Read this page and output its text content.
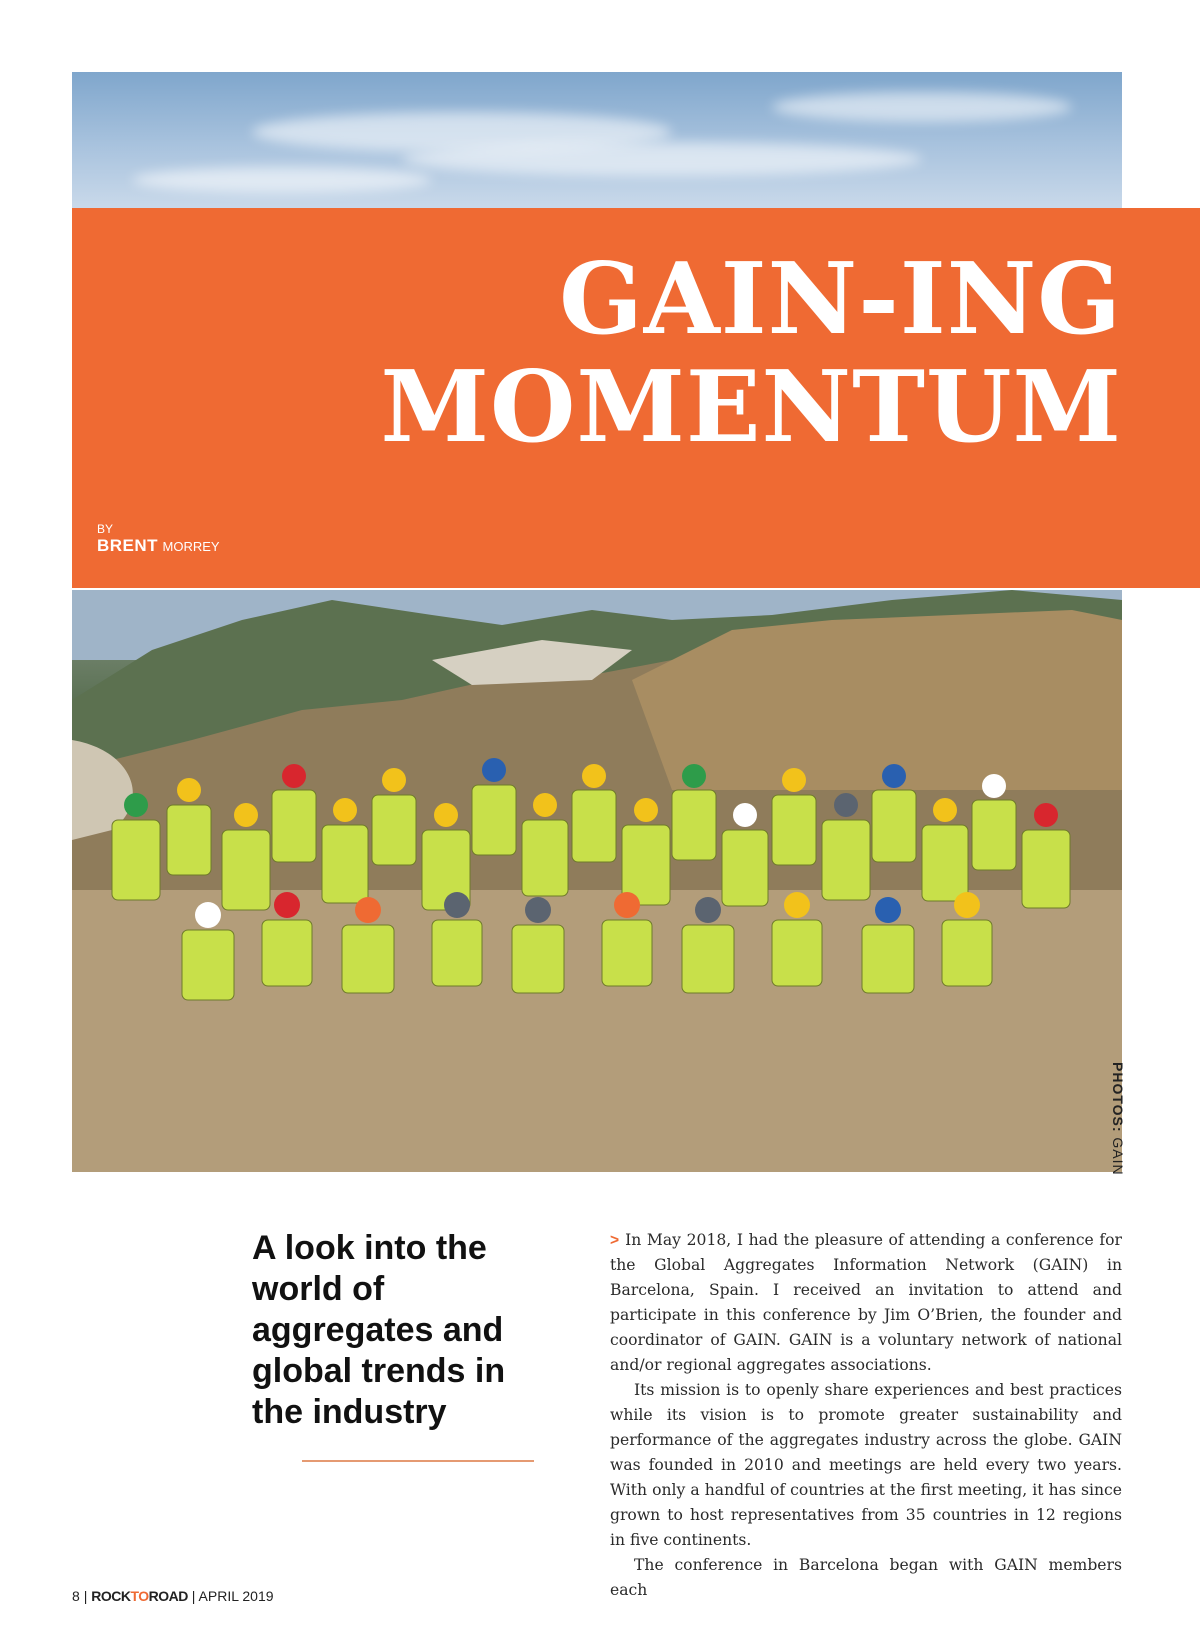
GAIN-ING
MOMENTUM
BY
BRENT MORREY
PHOTOS: GAIN
A look into the world of aggregates and global trends in the industry

> In May 2018, I had the pleasure of attending a conference for the Global Aggregates Information Network (GAIN) in Barcelona, Spain. I received an invitation to attend and participate in this conference by Jim O’Brien, the founder and coordinator of GAIN. GAIN is a voluntary network of national and/or regional aggregates associations.

Its mission is to openly share experiences and best practices while its vision is to promote greater sustainability and performance of the aggregates industry across the globe. GAIN was founded in 2010 and meetings are held every two years. With only a handful of countries at the first meeting, it has since grown to host representatives from 35 countries in 12 regions in five continents.

The conference in Barcelona began with GAIN members each

8 | ROCKTOROAD | APRIL 2019
